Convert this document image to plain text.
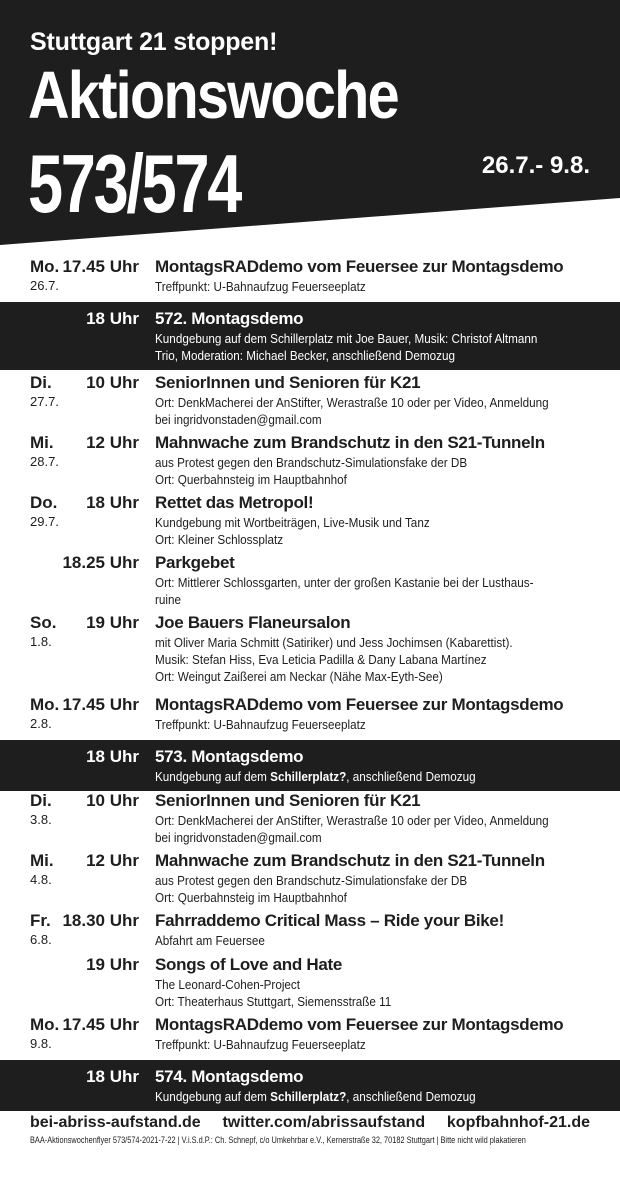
Stuttgart 21 stoppen!
Aktionswoche
573/574	26.7.- 9.8.
Mo.
26.7.
17.45 Uhr MontagsRADdemo vom Feuersee zur Montagsdemo
Treffpunkt: U-Bahnaufzug Feuerseeplatz
18 Uhr 572. Montagsdemo
Kundgebung auf dem Schillerplatz mit Joe Bauer, Musik: Christof Altmann
Trio, Moderation: Michael Becker, anschließend Demozug
Di.
27.7.
10 Uhr SeniorInnen und Senioren für K21
Ort: DenkMacherei der AnStifter, Werastraße 10 oder per Video, Anmeldung
bei ingridvonstaden@gmail.com
Mi.
28.7.
12 Uhr Mahnwache zum Brandschutz in den S21-Tunneln
aus Protest gegen den Brandschutz-Simulationsfake der DB
Ort: Querbahnsteig im Hauptbahnhof
Do.
29.7.
18 Uhr Rettet das Metropol!
Kundgebung mit Wortbeiträgen, Live-Musik und Tanz
Ort: Kleiner Schlossplatz
18.25 Uhr Parkgebet
Ort: Mittlerer Schlossgarten, unter der großen Kastanie bei der Lusthaus-
ruine
So.
1.8.
19 Uhr Joe Bauers Flaneursalon
mit Oliver Maria Schmitt (Satiriker) und Jess Jochimsen (Kabarettist).
Musik: Stefan Hiss, Eva Leticia Padilla & Dany Labana Martínez
Ort: Weingut Zaißerei am Neckar (Nähe Max-Eyth-See)
Mo.
2.8.
17.45 Uhr MontagsRADdemo vom Feuersee zur Montagsdemo
Treffpunkt: U-Bahnaufzug Feuerseeplatz
18 Uhr 573. Montagsdemo
Kundgebung auf dem Schillerplatz?, anschließend Demozug
Di.
3.8.
10 Uhr SeniorInnen und Senioren für K21
Ort: DenkMacherei der AnStifter, Werastraße 10 oder per Video, Anmeldung
bei ingridvonstaden@gmail.com
Mi.
4.8.
12 Uhr Mahnwache zum Brandschutz in den S21-Tunneln
aus Protest gegen den Brandschutz-Simulationsfake der DB
Ort: Querbahnsteig im Hauptbahnhof
Fr.
6.8.
18.30 Uhr Fahrraddemo Critical Mass – Ride your Bike!
Abfahrt am Feuersee
19 Uhr Songs of Love and Hate
The Leonard-Cohen-Project
Ort: Theaterhaus Stuttgart, Siemensstraße 11
Mo.
9.8.
17.45 Uhr MontagsRADdemo vom Feuersee zur Montagsdemo
Treffpunkt: U-Bahnaufzug Feuerseeplatz
18 Uhr 574. Montagsdemo
Kundgebung auf dem Schillerplatz?, anschließend Demozug
bei-abriss-aufstand.de twitter.com/abrissaufstand kopfbahnhof-21.de
BAA-Aktionswochenflyer 573/574-2021-7-22 | V.i.S.d.P.: Ch. Schnepf, c/o Umkehrbar e.V., Kernerstraße 32, 70182 Stuttgart | Bitte nicht wild plakatieren
